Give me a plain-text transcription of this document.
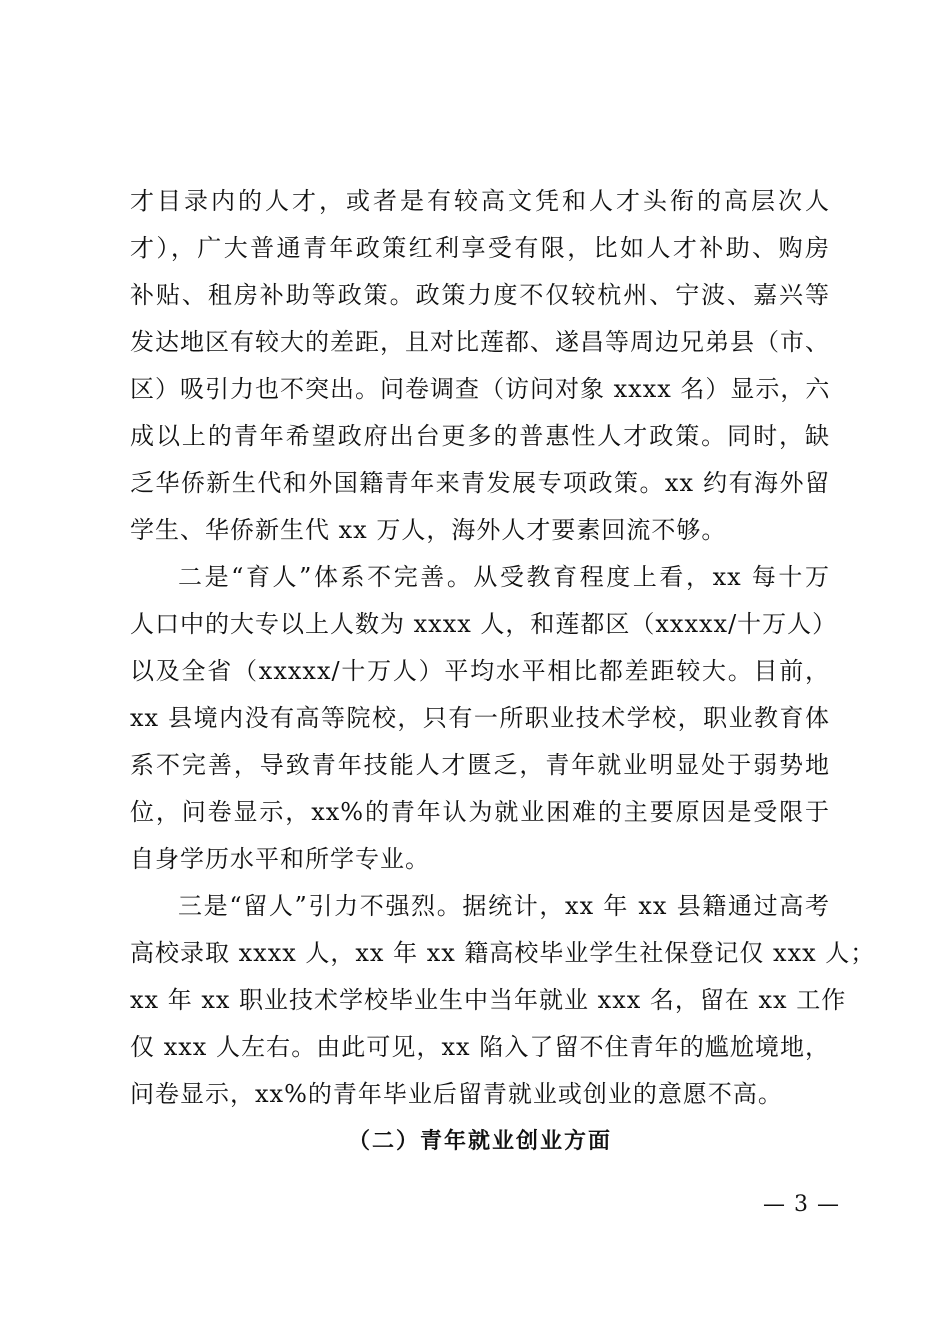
才目录内的人才，或者是有较高文凭和人才头衔的高层次人
才），广大普通青年政策红利享受有限，比如人才补助、购房
补贴、租房补助等政策。政策力度不仅较杭州、宁波、嘉兴等
发达地区有较大的差距，且对比莲都、遂昌等周边兄弟县（市、
区）吸引力也不突出。问卷调查（访问对象 xxxx 名）显示，六
成以上的青年希望政府出台更多的普惠性人才政策。同时，缺
乏华侨新生代和外国籍青年来青发展专项政策。xx 约有海外留
学生、华侨新生代 xx 万人，海外人才要素回流不够。
二是“育人”体系不完善。从受教育程度上看，xx 每十万
人口中的大专以上人数为 xxxx 人，和莲都区（xxxxx/十万人）
以及全省（xxxxx/十万人）平均水平相比都差距较大。目前，
xx 县境内没有高等院校，只有一所职业技术学校，职业教育体
系不完善，导致青年技能人才匮乏，青年就业明显处于弱势地
位，问卷显示，xx%的青年认为就业困难的主要原因是受限于
自身学历水平和所学专业。
三是“留人”引力不强烈。据统计，xx 年 xx 县籍通过高考
高校录取 xxxx 人，xx 年 xx 籍高校毕业学生社保登记仅 xxx 人；
xx 年 xx 职业技术学校毕业生中当年就业 xxx 名，留在 xx 工作
仅 xxx 人左右。由此可见，xx 陷入了留不住青年的尴尬境地，
问卷显示，xx%的青年毕业后留青就业或创业的意愿不高。
（二）青年就业创业方面
— 3 —
